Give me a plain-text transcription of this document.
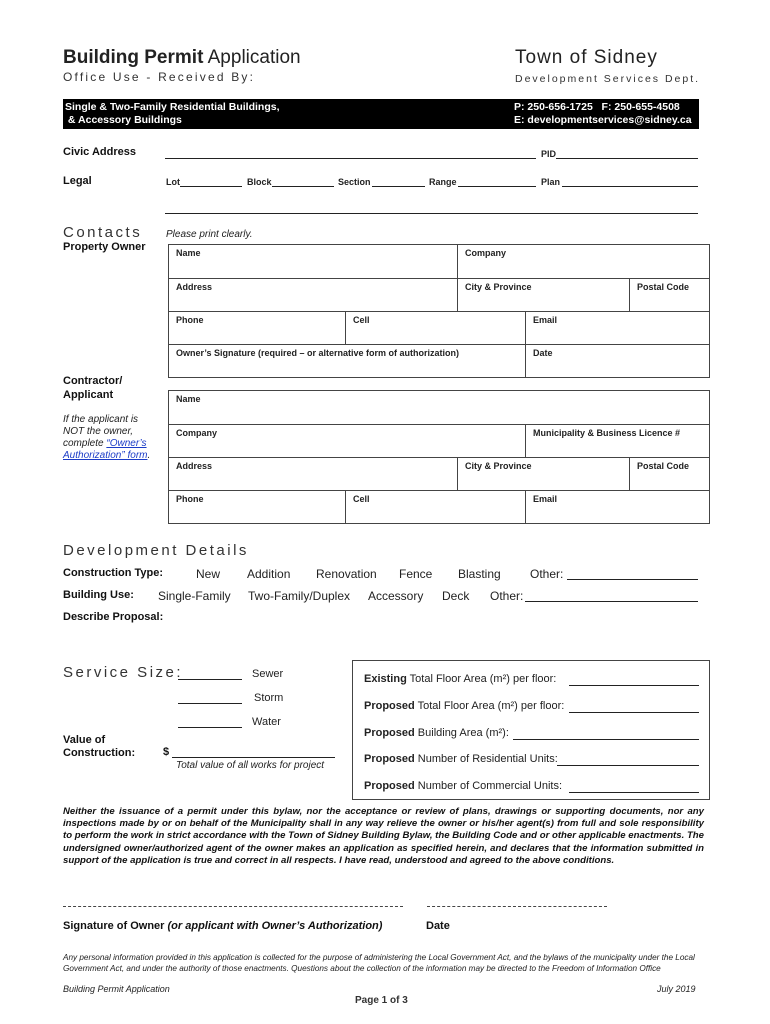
Building Permit Application
Office Use - Received By:
Town of Sidney
Development Services Dept.
Single & Two-Family Residential Buildings,
& Accessory Buildings
P: 250-656-1725   F: 250-655-4508
E: developmentservices@sidney.ca
Civic Address	PID
Legal	Lot	Block	Section	Range	Plan
Contacts Please print clearly.
Property Owner	Name	Company
Address	City & Province	Postal Code
Phone	Cell	Email
Owner’s Signature (required – or alternative form of authorization)	Date
Contractor/
Applicant
If the applicant is
NOT the owner,
complete “Owner’s
Authorization” form.
Name
Company	Municipality & Business Licence #
Address	City & Province	Postal Code
Phone	Cell	Email
Development Details
Construction Type:	New Addition Renovation Fence Blasting Other:
Building Use: Single-Family Two-Family/Duplex Accessory Deck Other:
Describe Proposal:
Service Size:	Sewer
Storm
Water
Value of
Construction:	$
Total value of all works for project
Existing Total Floor Area (m²) per floor:
Proposed Total Floor Area (m²) per floor:
Proposed Building Area (m²):
Proposed Number of Residential Units:
Proposed Number of Commercial Units:
Neither the issuance of a permit under this bylaw, nor the acceptance or review of plans, drawings or supporting documents, nor any inspections made by or on behalf of the Municipality shall in any way relieve the owner or his/her agent(s) from full and sole responsibility to perform the work in strict accordance with the Town of Sidney Building Bylaw, the Building Code and or other applicable enactments. The undersigned owner/authorized agent of the owner makes an application as specified herein, and declares that the information submitted in support of the application is true and correct in all respects. I have read, understood and agreed to the above conditions.
Signature of Owner (or applicant with Owner’s Authorization)	Date
Any personal information provided in this application is collected for the purpose of administering the Local Government Act, and the bylaws of the municipality under the Local Government Act, and under the authority of those enactments. Questions about the collection of the information may be directed to the Freedom of Information Office
Building Permit Application	July 2019
Page 1 of 3
